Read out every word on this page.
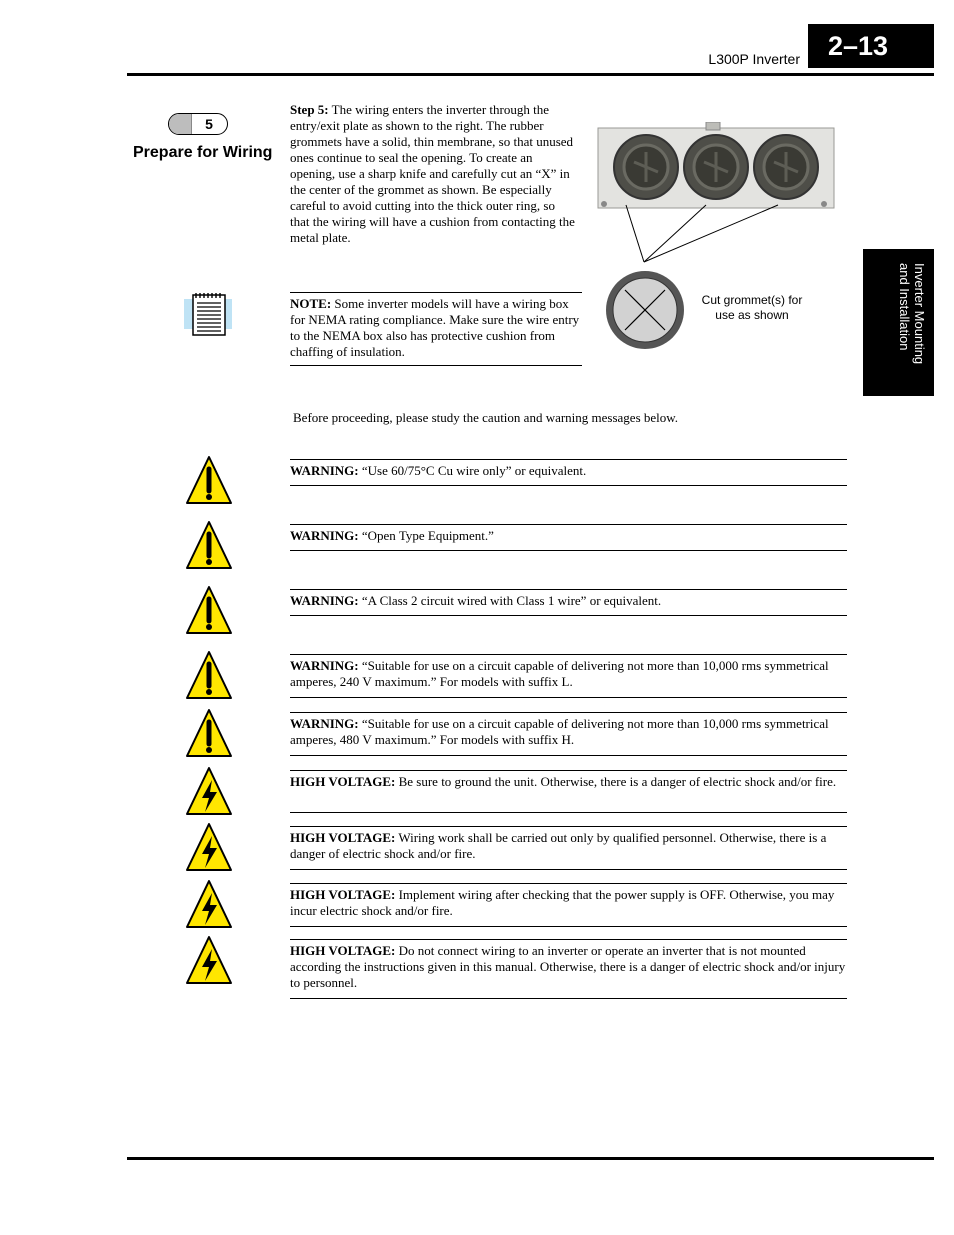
L300P Inverter	2–13
Inverter Mounting
and Installation
5
Prepare for Wiring
Step 5: The wiring enters the inverter through the entry/exit plate as shown to the right. The rubber grommets have a solid, thin membrane, so that unused ones continue to seal the opening. To create an opening, use a sharp knife and carefully cut an “X” in the center of the grommet as shown. Be especially careful to avoid cutting into the thick outer ring, so that the wiring will have a cushion from contacting the metal plate.
Cut grommet(s) for use as shown
NOTE: Some inverter models will have a wiring box for NEMA rating compliance. Make sure the wire entry to the NEMA box also has protective cushion from chaffing of insulation.
Before proceeding, please study the caution and warning messages below.
WARNING: “Use 60/75°C Cu wire only” or equivalent.
WARNING: “Open Type Equipment.”
WARNING: “A Class 2 circuit wired with Class 1 wire” or equivalent.
WARNING: “Suitable for use on a circuit capable of delivering not more than 10,000 rms symmetrical amperes, 240 V maximum.” For models with suffix L.
WARNING: “Suitable for use on a circuit capable of delivering not more than 10,000 rms symmetrical amperes, 480 V maximum.” For models with suffix H.
HIGH VOLTAGE: Be sure to ground the unit. Otherwise, there is a danger of electric shock and/or fire.
HIGH VOLTAGE: Wiring work shall be carried out only by qualified personnel. Otherwise, there is a danger of electric shock and/or fire.
HIGH VOLTAGE: Implement wiring after checking that the power supply is OFF. Otherwise, you may incur electric shock and/or fire.
HIGH VOLTAGE: Do not connect wiring to an inverter or operate an inverter that is not mounted according the instructions given in this manual. Otherwise, there is a danger of electric shock and/or injury to personnel.
